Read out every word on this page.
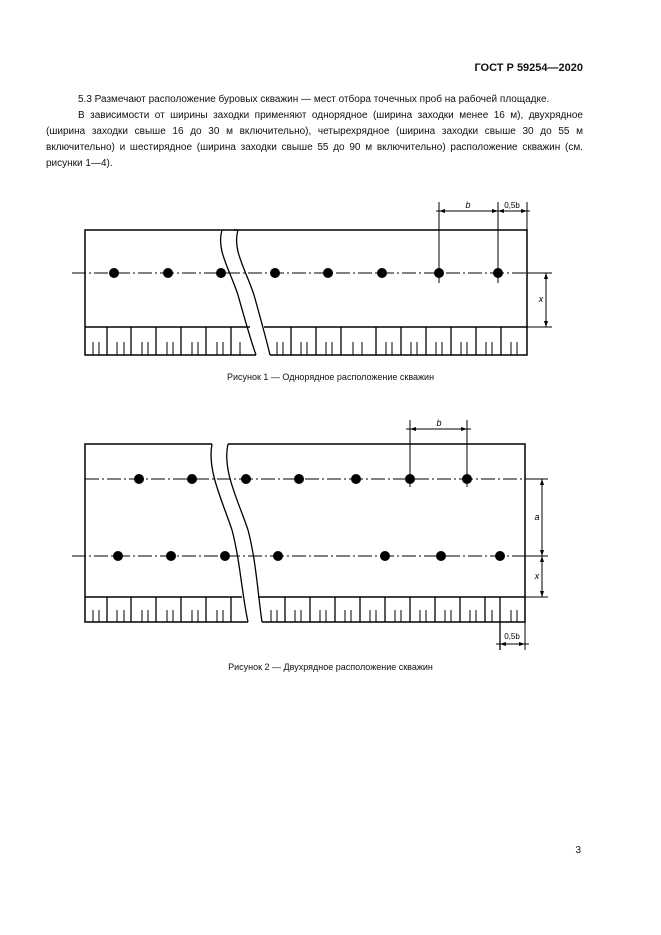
ГОСТ Р 59254—2020

5.3 Размечают расположение буровых скважин — мест отбора точечных проб на рабочей площадке.

В зависимости от ширины заходки применяют однорядное (ширина заходки менее 16 м), двухрядное (ширина заходки свыше 16 до 30 м включительно), четырехрядное (ширина заходки свыше 30 до 55 м включительно) и шестирядное (ширина заходки свыше 55 до 90 м включительно) расположение скважин (см. рисунки 1—4).

b	0,5b
x
Рисунок 1 — Однорядное расположение скважин
b
a
x
0,5b
Рисунок 2 — Двухрядное расположение скважин
3
